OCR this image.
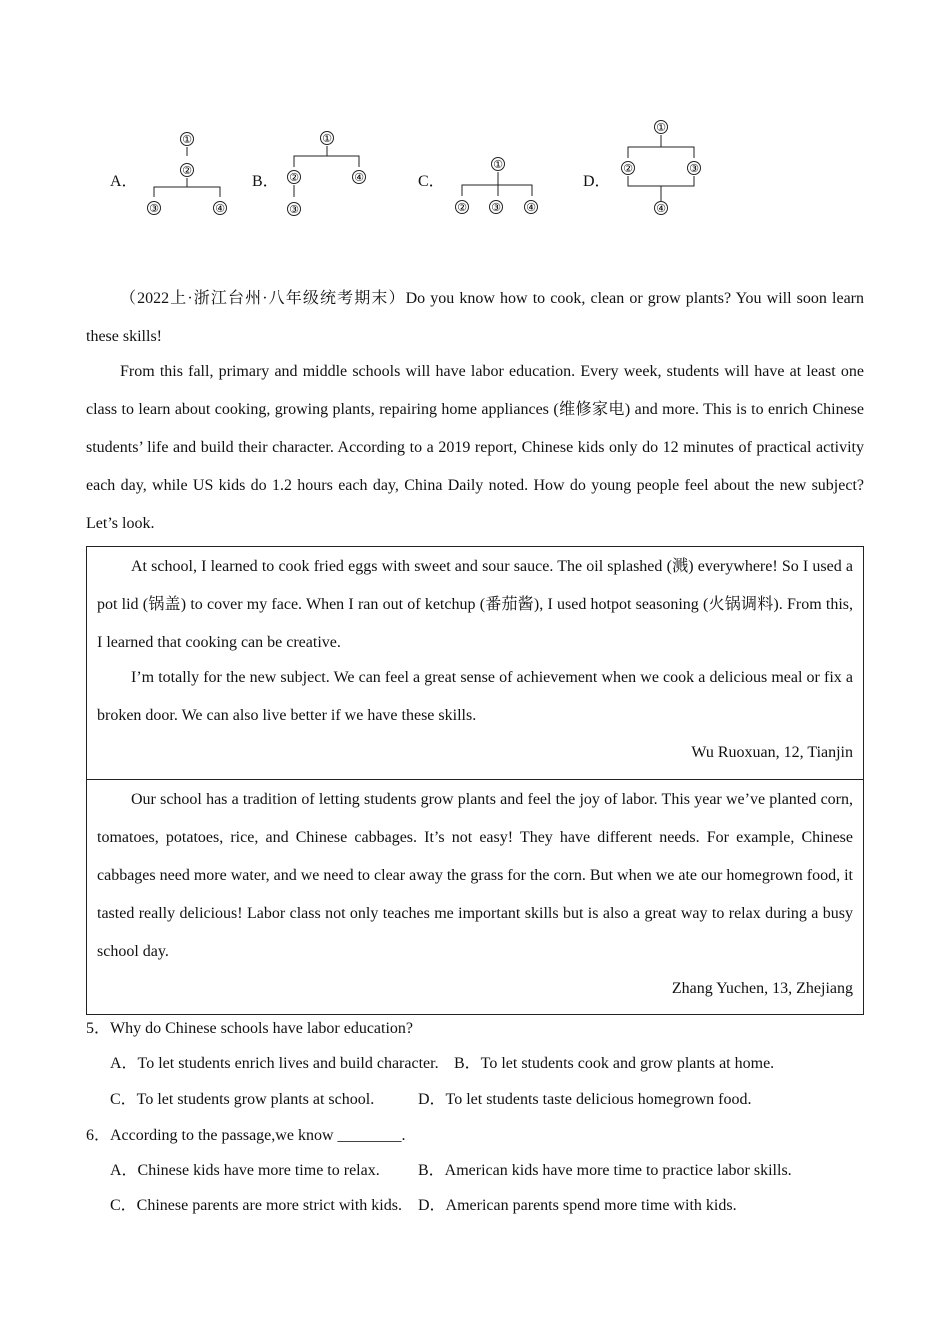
A．
①
②
③	④
B．
①
②	④
③
C．
①
② ③ ④
D．
①
②	③
④
（2022上·浙江台州·八年级统考期末）Do you know how to cook, clean or grow plants? You will soon learn these skills!
From this fall, primary and middle schools will have labor education. Every week, students will have at least one class to learn about cooking, growing plants, repairing home appliances (维修家电) and more. This is to enrich Chinese students’ life and build their character. According to a 2019 report, Chinese kids only do 12 minutes of practical activity each day, while US kids do 1.2 hours each day, China Daily noted. How do young people feel about the new subject? Let’s look.
At school, I learned to cook fried eggs with sweet and sour sauce. The oil splashed (溅) everywhere! So I used a pot lid (锅盖) to cover my face. When I ran out of ketchup (番茄酱), I used hotpot seasoning (火锅调料). From this, I learned that cooking can be creative.
I’m totally for the new subject. We can feel a great sense of achievement when we cook a delicious meal or fix a broken door. We can also live better if we have these skills.
Wu Ruoxuan, 12, Tianjin
Our school has a tradition of letting students grow plants and feel the joy of labor. This year we’ve planted corn, tomatoes, potatoes, rice, and Chinese cabbages. It’s not easy! They have different needs. For example, Chinese cabbages need more water, and we need to clear away the grass for the corn. But when we ate our homegrown food, it tasted really delicious! Labor class not only teaches me important skills but is also a great way to relax during a busy school day.
Zhang Yuchen, 13, Zhejiang
5．Why do Chinese schools have labor education?
A．To let students enrich lives and build character. B．To let students cook and grow plants at home.
C．To let students grow plants at school.	D．To let students taste delicious homegrown food.
6．According to the passage,we know ________.
A．Chinese kids have more time to relax. B．American kids have more time to practice labor skills.
C．Chinese parents are more strict with kids. D．American parents spend more time with kids.
